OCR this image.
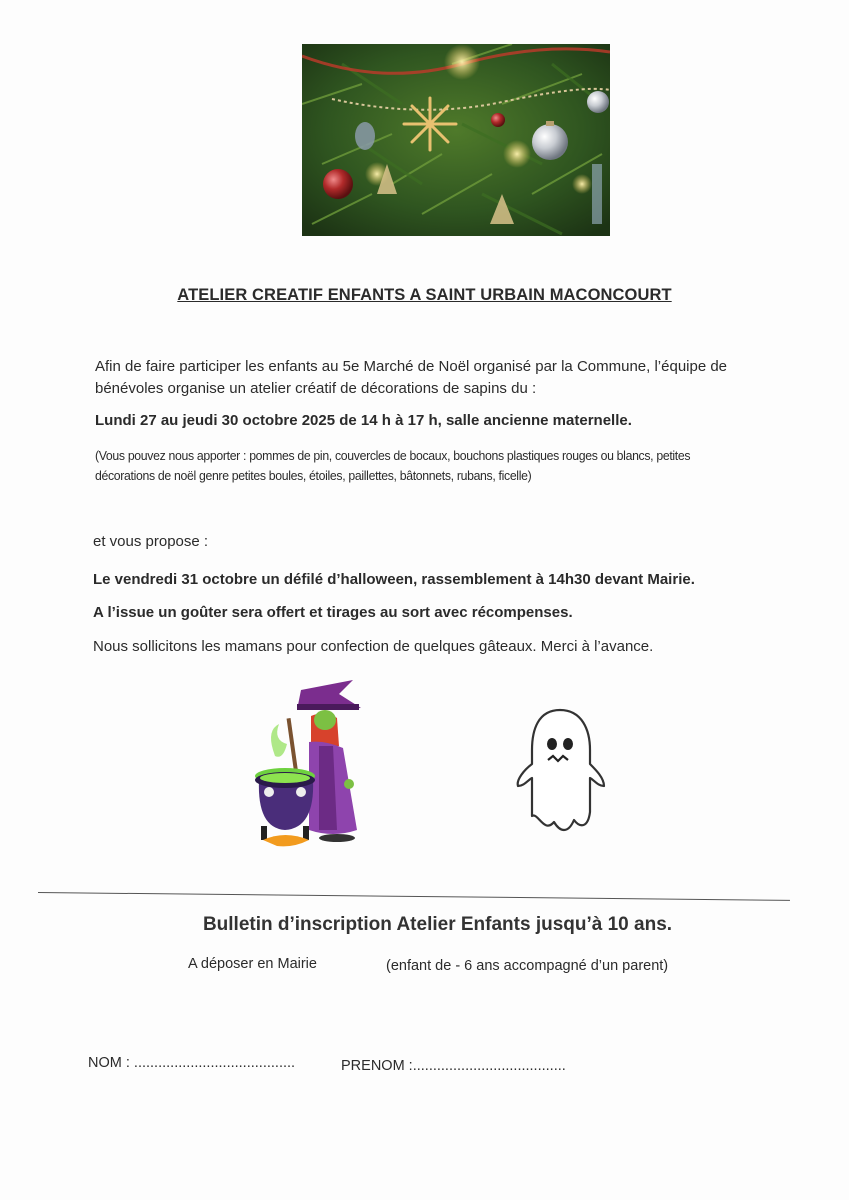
ATELIER CREATIF ENFANTS A SAINT URBAIN MACONCOURT
Afin de faire participer les enfants au 5e Marché de Noël organisé par la Commune, l’équipe de bénévoles organise un atelier créatif de décorations de sapins du :
Lundi 27 au jeudi 30 octobre 2025 de 14 h à 17 h, salle ancienne maternelle.
(Vous pouvez nous apporter : pommes de pin, couvercles de bocaux, bouchons plastiques rouges ou blancs, petites décorations de noël genre petites boules, étoiles, paillettes, bâtonnets, rubans, ficelle)
et vous propose :
Le vendredi 31 octobre un défilé d’halloween, rassemblement à 14h30 devant Mairie.
A l’issue un goûter sera offert et tirages au sort avec récompenses.
Nous sollicitons les mamans pour confection de quelques gâteaux. Merci à l’avance.
Bulletin d’inscription Atelier Enfants jusqu’à 10 ans.
A déposer en Mairie	(enfant de - 6 ans accompagné d’un parent)
NOM : ........................................	PRENOM :......................................
